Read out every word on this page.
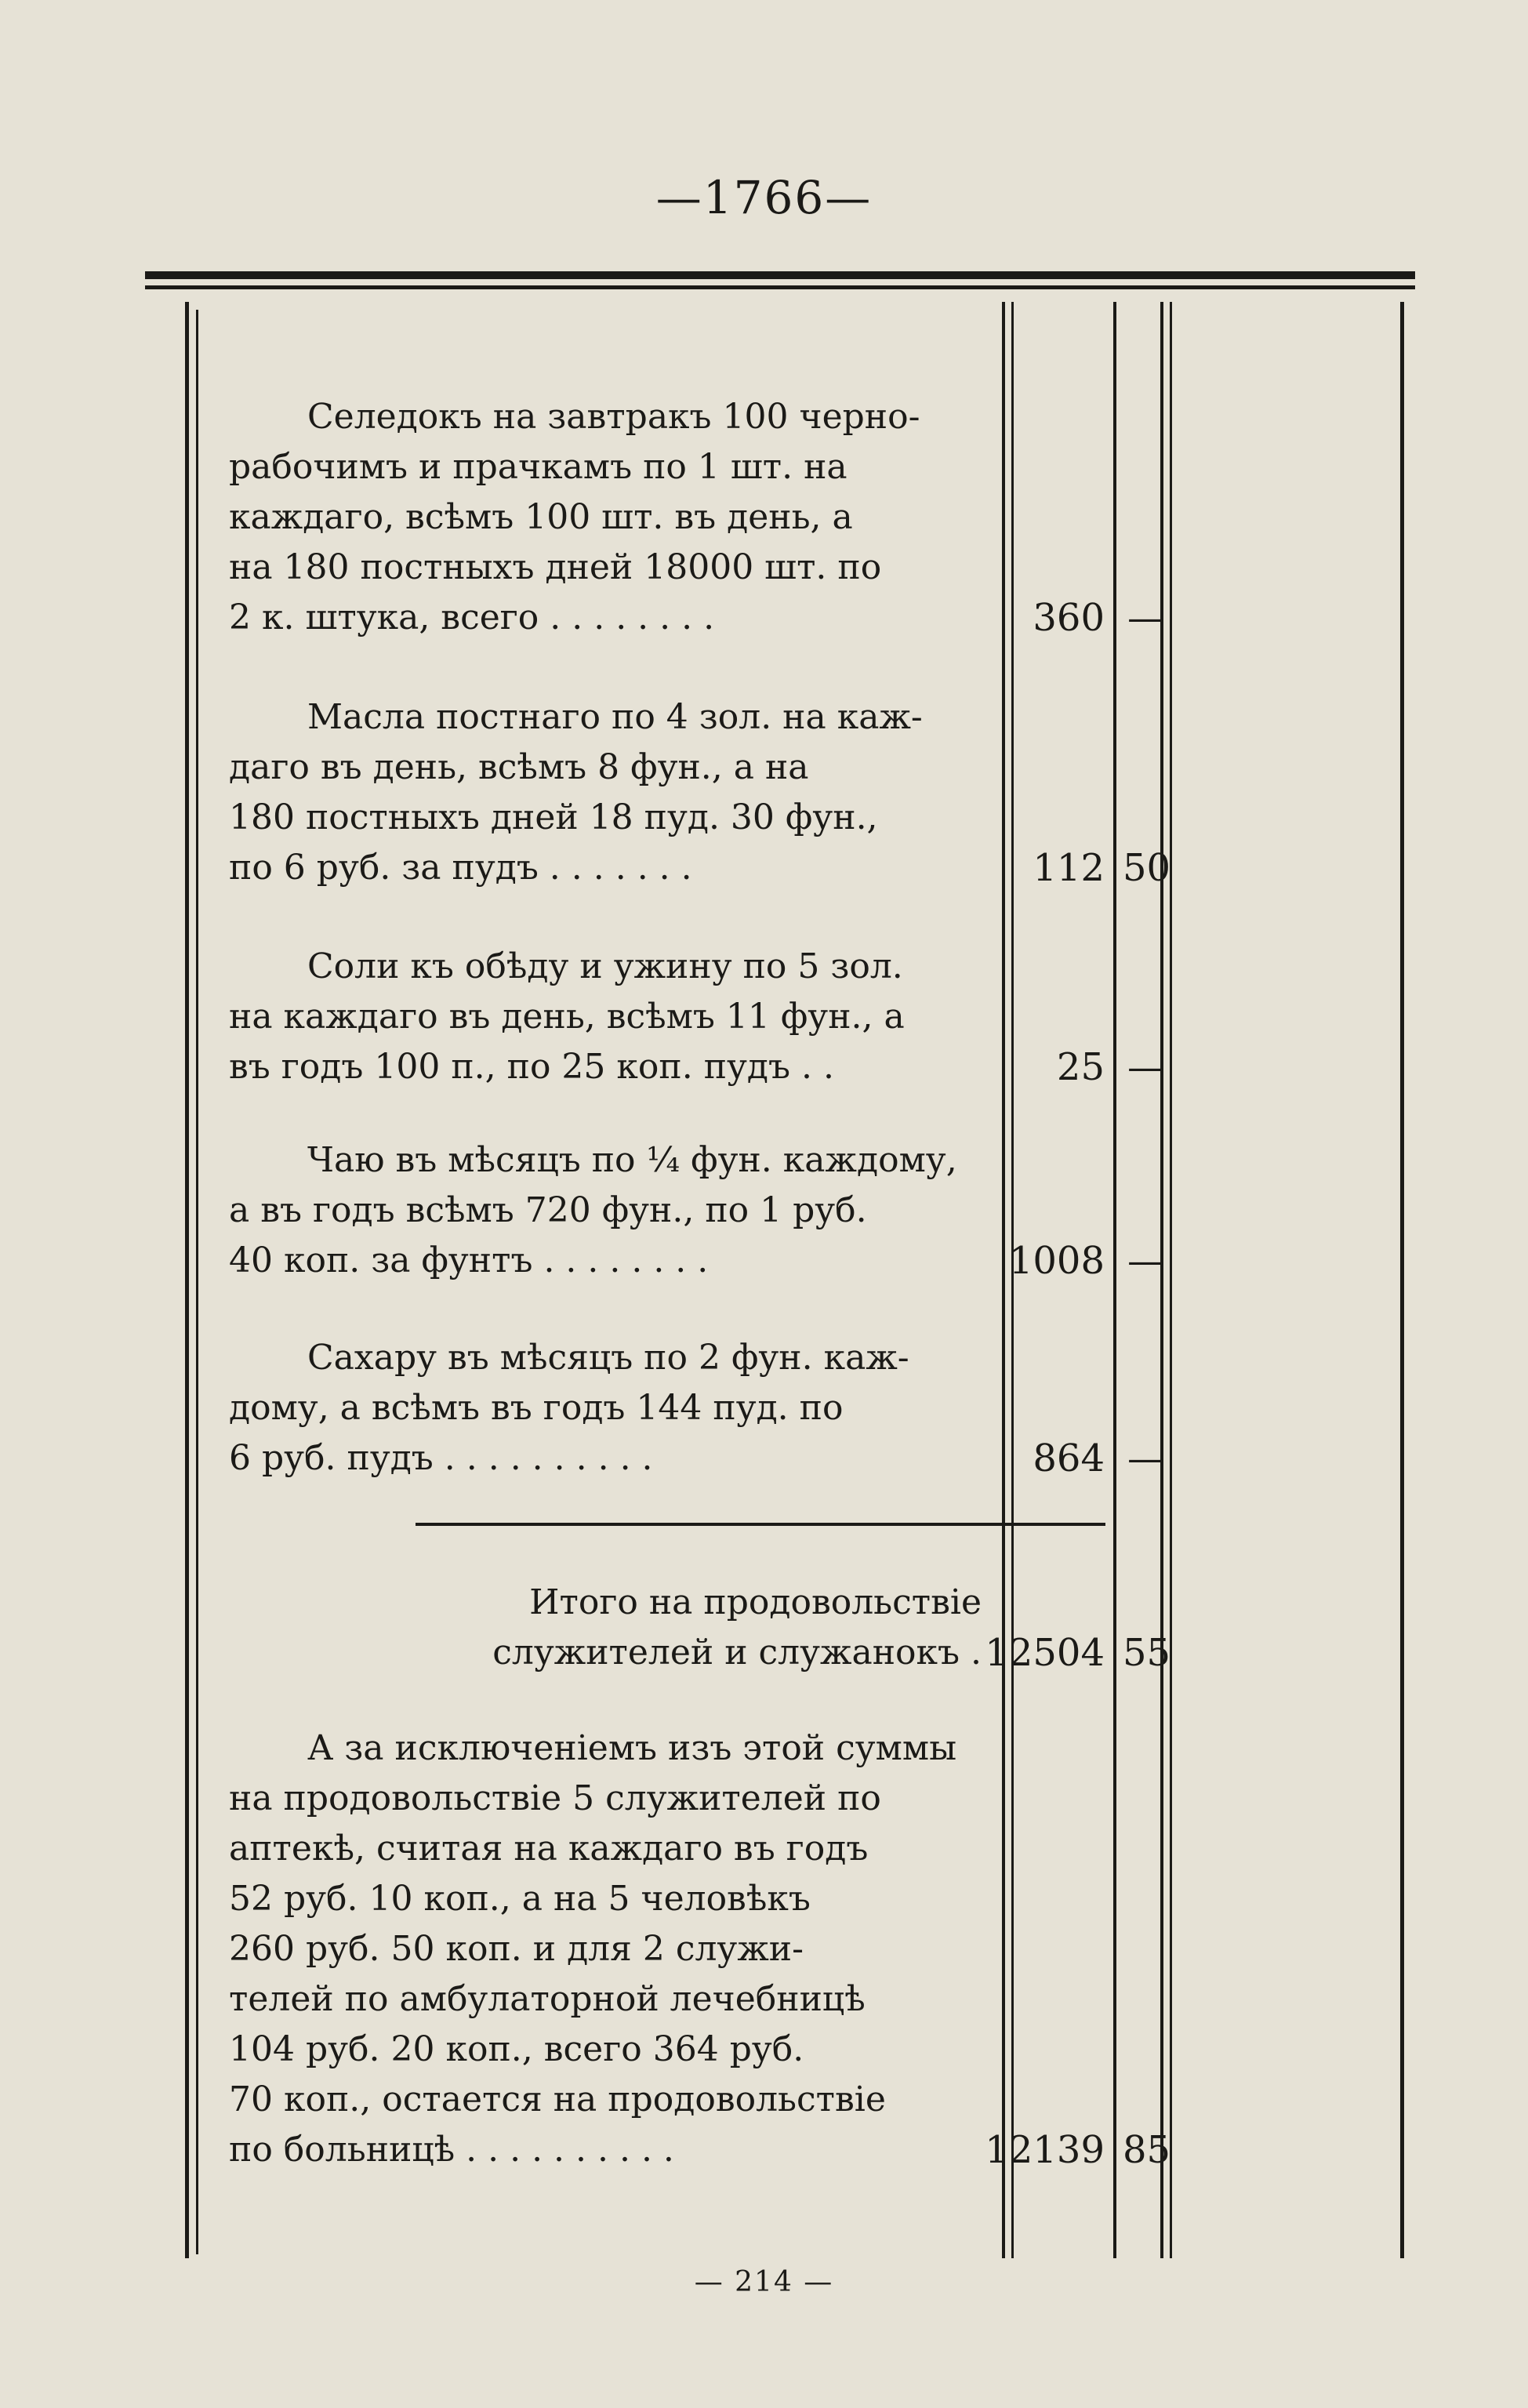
—1766—

Селедокъ на завтракъ 100 черно-

рабочимъ и прачкамъ по 1 шт. на

каждаго, всѣмъ 100 шт. въ день, а

на 180 постныхъ дней 18000 шт. по

2 к. штука, всего . . . . . . . .	360 —

Масла постнаго по 4 зол. на каж-

даго въ день, всѣмъ 8 фун., а на

180 постныхъ дней 18 пуд. 30 фун.,

по 6 руб. за пудъ . . . . . . .	112 50

Соли къ обѣду и ужину по 5 зол.

на каждаго въ день, всѣмъ 11 фун., а

въ годъ 100 п., по 25 коп. пудъ . .	25 —

Чаю въ мѣсяцъ по ¼ фун. каждому,

а въ годъ всѣмъ 720 фун., по 1 руб.

40 коп. за фунтъ . . . . . . . .	1008 —

Сахару въ мѣсяцъ по 2 фун. каж-

дому, а всѣмъ въ годъ 144 пуд. по

6 руб. пудъ . . . . . . . . . .	864 —
Итого на продовольствіе
служителей и служанокъ . 12504 55

А за исключеніемъ изъ этой суммы

на продовольствіе 5 служителей по

аптекѣ, считая на каждаго въ годъ

52 руб. 10 коп., а на 5 человѣкъ

260 руб. 50 коп. и для 2 служи-

телей по амбулаторной лечебницѣ

104 руб. 20 коп., всего 364 руб.

70 коп., остается на продовольствіе

по больницѣ . . . . . . . . . .	12139 85
— 214 —
